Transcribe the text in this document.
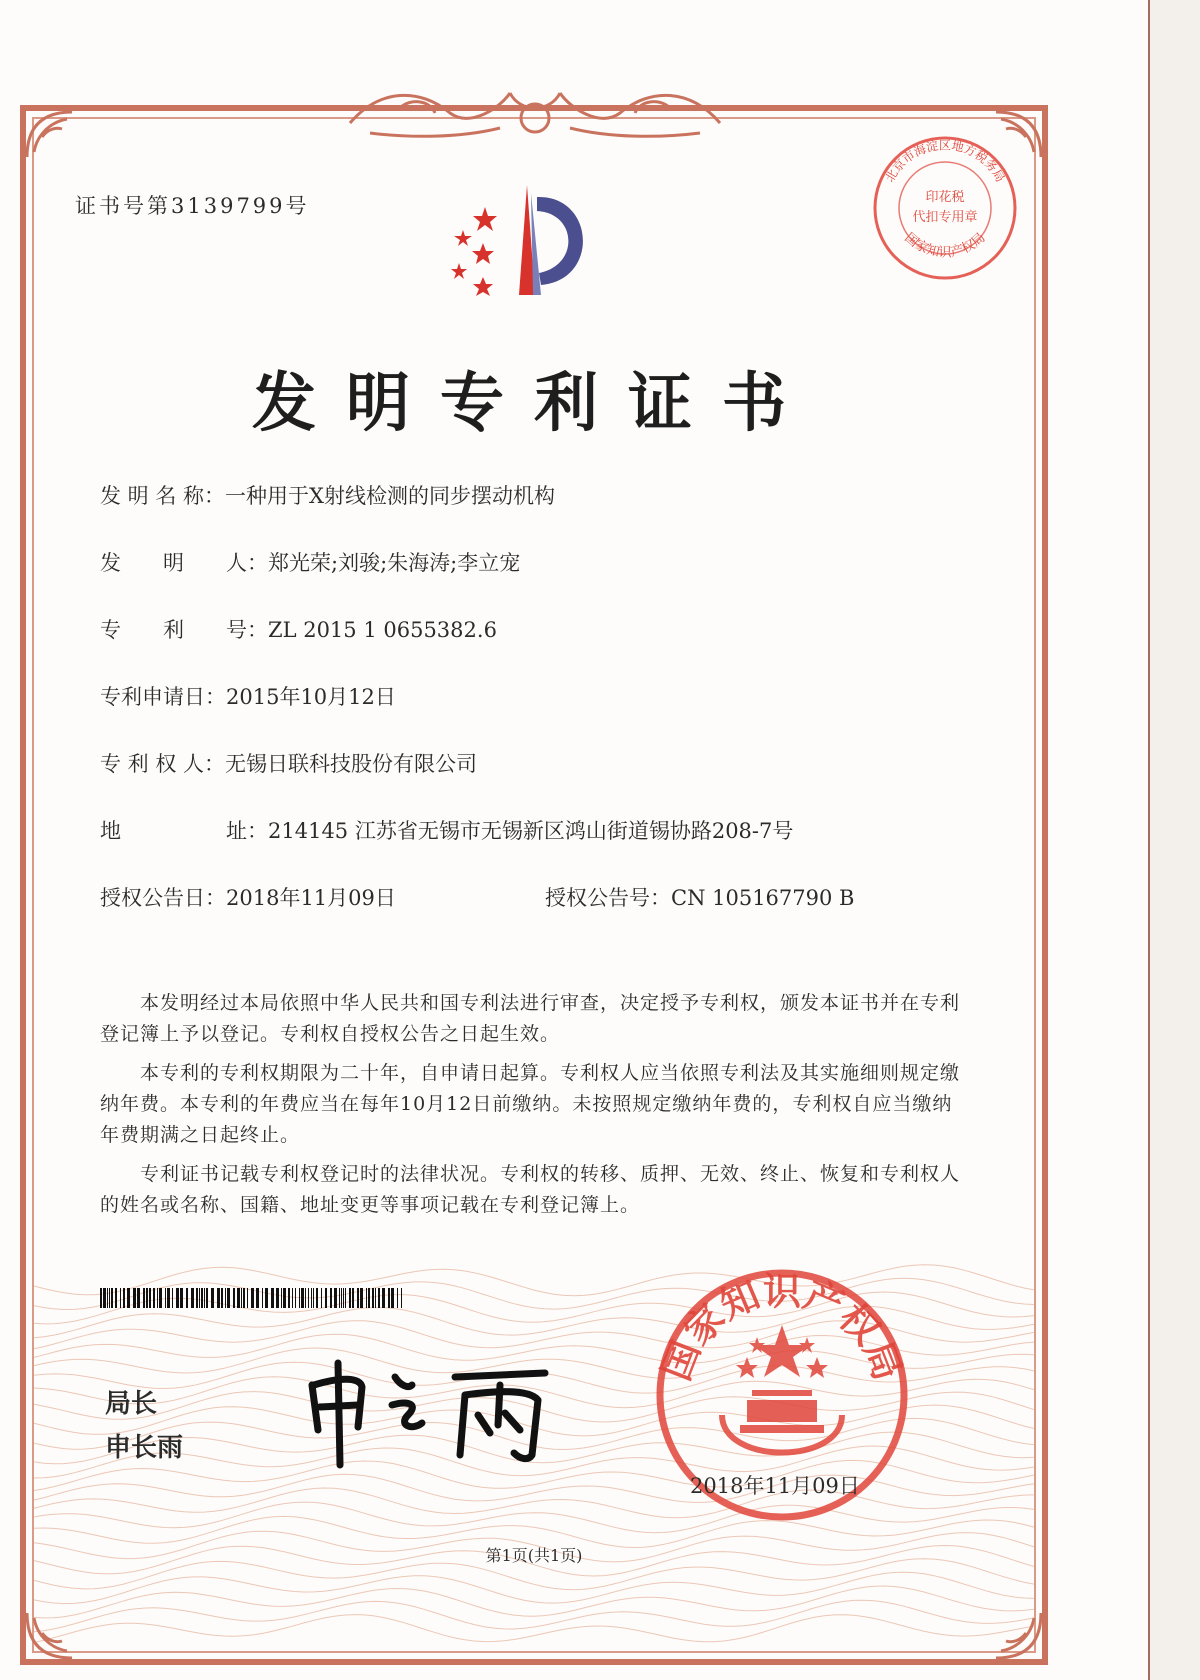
证书号第3139799号
发明专利证书
发 明 名 称：一种用于X射线检测的同步摆动机构
发　　明　　人：郑光荣;刘骏;朱海涛;李立宠
专　　利　　号：ZL 2015 1 0655382.6
专利申请日：2015年10月12日
专 利 权 人：无锡日联科技股份有限公司
地　　　　　址：214145 江苏省无锡市无锡新区鸿山街道锡协路208-7号
授权公告日：2018年11月09日	授权公告号：CN 105167790 B
本发明经过本局依照中华人民共和国专利法进行审查，决定授予专利权，颁发本证书并在专利登记簿上予以登记。专利权自授权公告之日起生效。
本专利的专利权期限为二十年，自申请日起算。专利权人应当依照专利法及其实施细则规定缴纳年费。本专利的年费应当在每年10月12日前缴纳。未按照规定缴纳年费的，专利权自应当缴纳年费期满之日起终止。
专利证书记载专利权登记时的法律状况。专利权的转移、质押、无效、终止、恢复和专利权人的姓名或名称、国籍、地址变更等事项记载在专利登记簿上。
局长
申长雨
国家知识产权局
2018年11月09日
北京市海淀区地方税务局
国家知识产权局
印花税
代扣专用章
第1页(共1页)
